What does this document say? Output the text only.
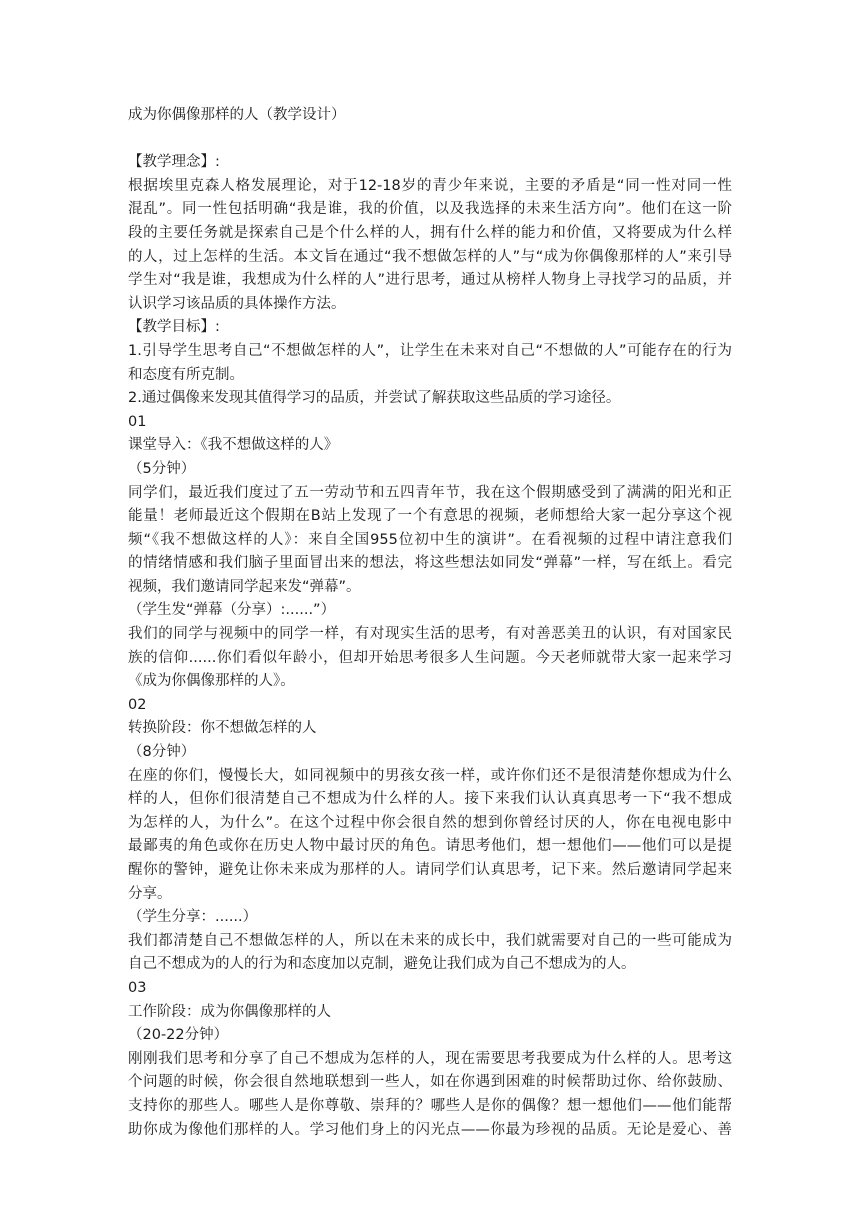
成为你偶像那样的人（教学设计）
【教学理念】:
根据埃里克森人格发展理论，对于12-18岁的青少年来说，主要的矛盾是“同一性对同一性
混乱”。同一性包括明确“我是谁，我的价值，以及我选择的未来生活方向”。他们在这一阶
段的主要任务就是探索自己是个什么样的人，拥有什么样的能力和价值，又将要成为什么样
的人，过上怎样的生活。本文旨在通过“我不想做怎样的人”与“成为你偶像那样的人”来引导
学生对“我是谁，我想成为什么样的人”进行思考，通过从榜样人物身上寻找学习的品质，并
认识学习该品质的具体操作方法。
【教学目标】:
1.引导学生思考自己“不想做怎样的人”，让学生在未来对自己“不想做的人”可能存在的行为
和态度有所克制。
2.通过偶像来发现其值得学习的品质，并尝试了解获取这些品质的学习途径。
01
课堂导入：《我不想做这样的人》
（5分钟）
同学们，最近我们度过了五一劳动节和五四青年节，我在这个假期感受到了满满的阳光和正
能量！老师最近这个假期在B站上发现了一个有意思的视频，老师想给大家一起分享这个视
频“《我不想做这样的人》：来自全国955位初中生的演讲”。在看视频的过程中请注意我们
的情绪情感和我们脑子里面冒出来的想法，将这些想法如同发“弹幕”一样，写在纸上。看完
视频，我们邀请同学起来发“弹幕”。
（学生发“弹幕（分享）:......”）
我们的同学与视频中的同学一样，有对现实生活的思考，有对善恶美丑的认识，有对国家民
族的信仰......你们看似年龄小，但却开始思考很多人生问题。今天老师就带大家一起来学习
《成为你偶像那样的人》。
02
转换阶段：你不想做怎样的人
（8分钟）
在座的你们，慢慢长大，如同视频中的男孩女孩一样，或许你们还不是很清楚你想成为什么
样的人，但你们很清楚自己不想成为什么样的人。接下来我们认认真真思考一下“我不想成
为怎样的人，为什么”。在这个过程中你会很自然的想到你曾经讨厌的人，你在电视电影中
最鄙夷的角色或你在历史人物中最讨厌的角色。请思考他们，想一想他们——他们可以是提
醒你的警钟，避免让你未来成为那样的人。请同学们认真思考，记下来。然后邀请同学起来
分享。
（学生分享：......）
我们都清楚自己不想做怎样的人，所以在未来的成长中，我们就需要对自己的一些可能成为
自己不想成为的人的行为和态度加以克制，避免让我们成为自己不想成为的人。
03
工作阶段：成为你偶像那样的人
（20-22分钟）
刚刚我们思考和分享了自己不想成为怎样的人，现在需要思考我要成为什么样的人。思考这
个问题的时候，你会很自然地联想到一些人，如在你遇到困难的时候帮助过你、给你鼓励、
支持你的那些人。哪些人是你尊敬、崇拜的？哪些人是你的偶像？想一想他们——他们能帮
助你成为像他们那样的人。学习他们身上的闪光点——你最为珍视的品质。无论是爱心、善
